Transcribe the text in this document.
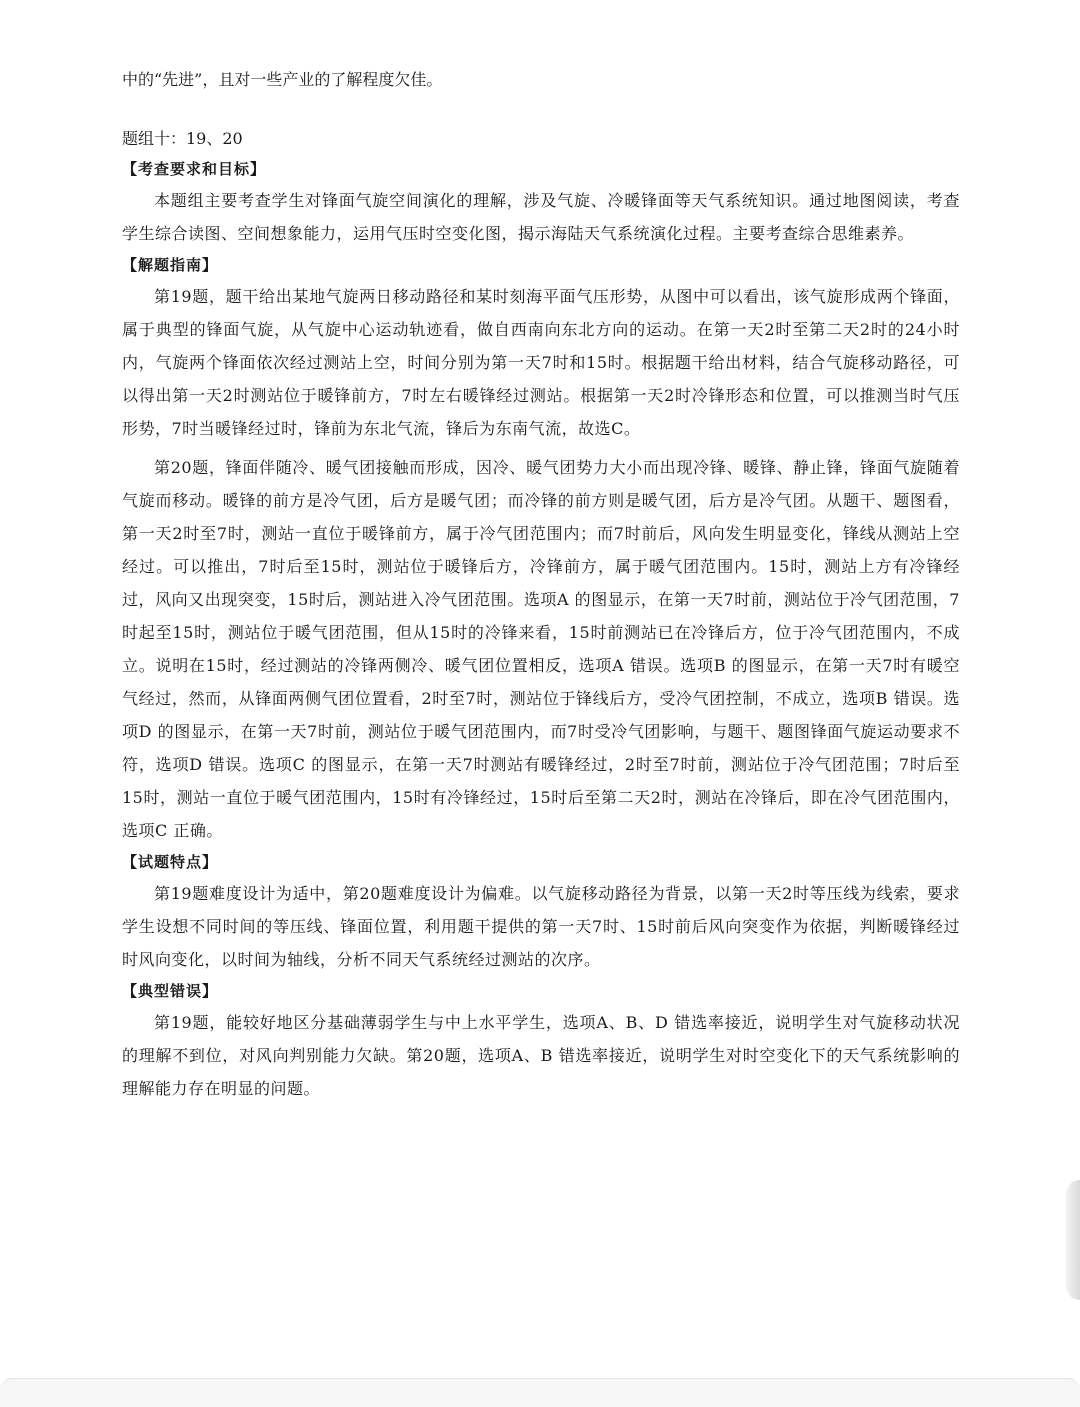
中的“先进”，且对一些产业的了解程度欠佳。

题组十：19、20

【考查要求和目标】

本题组主要考查学生对锋面气旋空间演化的理解，涉及气旋、冷暖锋面等天气系统知识。通过地图阅读，考查学生综合读图、空间想象能力，运用气压时空变化图，揭示海陆天气系统演化过程。主要考查综合思维素养。

【解题指南】

第19题，题干给出某地气旋两日移动路径和某时刻海平面气压形势，从图中可以看出，该气旋形成两个锋面，属于典型的锋面气旋，从气旋中心运动轨迹看，做自西南向东北方向的运动。在第一天2时至第二天2时的24小时内，气旋两个锋面依次经过测站上空，时间分别为第一天7时和15时。根据题干给出材料，结合气旋移动路径，可以得出第一天2时测站位于暖锋前方，7时左右暖锋经过测站。根据第一天2时冷锋形态和位置，可以推测当时气压形势，7时当暖锋经过时，锋前为东北气流，锋后为东南气流，故选C。

第20题，锋面伴随冷、暖气团接触而形成，因冷、暖气团势力大小而出现冷锋、暖锋、静止锋，锋面气旋随着气旋而移动。暖锋的前方是冷气团，后方是暖气团；而冷锋的前方则是暖气团，后方是冷气团。从题干、题图看，第一天2时至7时，测站一直位于暖锋前方，属于冷气团范围内；而7时前后，风向发生明显变化，锋线从测站上空经过。可以推出，7时后至15时，测站位于暖锋后方，冷锋前方，属于暖气团范围内。15时，测站上方有冷锋经过，风向又出现突变，15时后，测站进入冷气团范围。选项A 的图显示，在第一天7时前，测站位于冷气团范围，7时起至15时，测站位于暖气团范围，但从15时的冷锋来看，15时前测站已在冷锋后方，位于冷气团范围内，不成立。说明在15时，经过测站的冷锋两侧冷、暖气团位置相反，选项A 错误。选项B 的图显示，在第一天7时有暖空气经过，然而，从锋面两侧气团位置看，2时至7时，测站位于锋线后方，受冷气团控制，不成立，选项B 错误。选项D 的图显示，在第一天7时前，测站位于暖气团范围内，而7时受冷气团影响，与题干、题图锋面气旋运动要求不符，选项D 错误。选项C 的图显示，在第一天7时测站有暖锋经过，2时至7时前，测站位于冷气团范围；7时后至15时，测站一直位于暖气团范围内，15时有冷锋经过，15时后至第二天2时，测站在冷锋后，即在冷气团范围内，选项C 正确。

【试题特点】

第19题难度设计为适中，第20题难度设计为偏难。以气旋移动路径为背景，以第一天2时等压线为线索，要求学生设想不同时间的等压线、锋面位置，利用题干提供的第一天7时、15时前后风向突变作为依据，判断暖锋经过时风向变化，以时间为轴线，分析不同天气系统经过测站的次序。

【典型错误】

第19题，能较好地区分基础薄弱学生与中上水平学生，选项A、B、D 错选率接近，说明学生对气旋移动状况的理解不到位，对风向判别能力欠缺。第20题，选项A、B 错选率接近，说明学生对时空变化下的天气系统影响的理解能力存在明显的问题。
